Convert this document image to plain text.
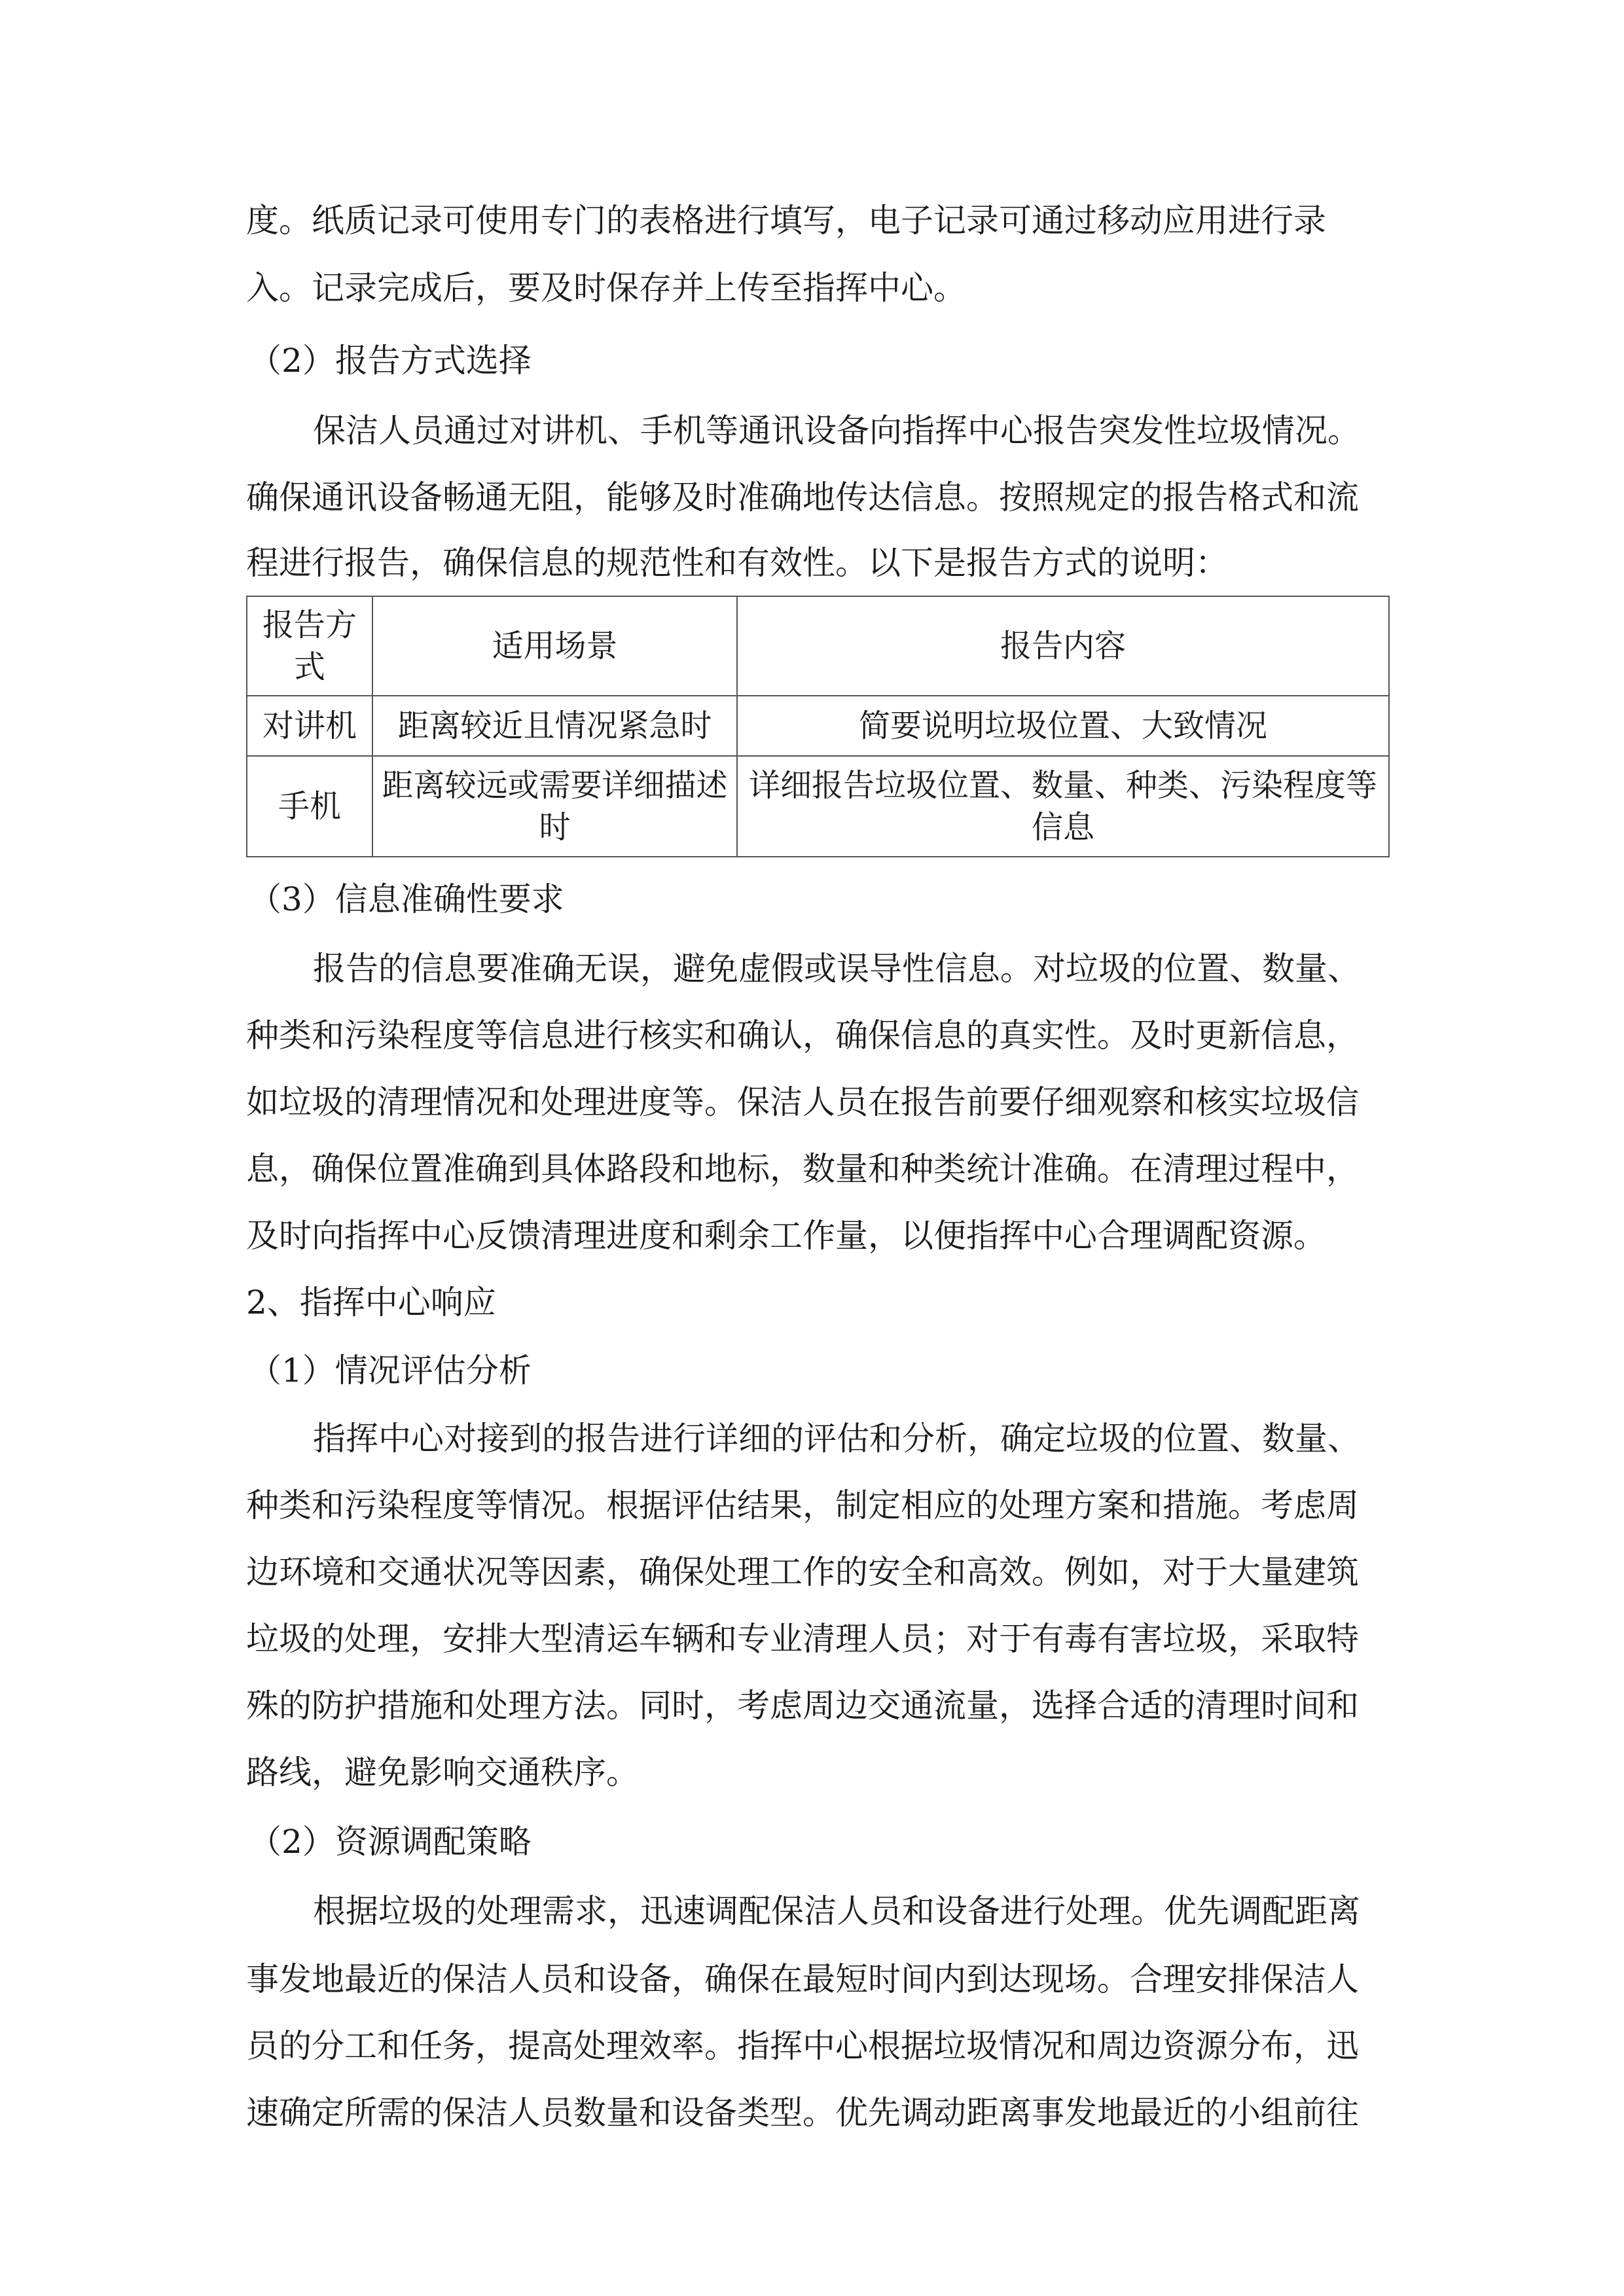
度。纸质记录可使用专门的表格进行填写，电子记录可通过移动应用进行录

入。记录完成后，要及时保存并上传至指挥中心。

（2）报告方式选择

保洁人员通过对讲机、手机等通讯设备向指挥中心报告突发性垃圾情况。

确保通讯设备畅通无阻，能够及时准确地传达信息。按照规定的报告格式和流

程进行报告，确保信息的规范性和有效性。以下是报告方式的说明：

报告方式	适用场景	报告内容
对讲机	距离较近且情况紧急时	简要说明垃圾位置、大致情况
手机	距离较远或需要详细描述时	详细报告垃圾位置、数量、种类、污染程度等信息

（3）信息准确性要求

报告的信息要准确无误，避免虚假或误导性信息。对垃圾的位置、数量、

种类和污染程度等信息进行核实和确认，确保信息的真实性。及时更新信息，

如垃圾的清理情况和处理进度等。保洁人员在报告前要仔细观察和核实垃圾信

息，确保位置准确到具体路段和地标，数量和种类统计准确。在清理过程中，

及时向指挥中心反馈清理进度和剩余工作量，以便指挥中心合理调配资源。

2、指挥中心响应

（1）情况评估分析

指挥中心对接到的报告进行详细的评估和分析，确定垃圾的位置、数量、

种类和污染程度等情况。根据评估结果，制定相应的处理方案和措施。考虑周

边环境和交通状况等因素，确保处理工作的安全和高效。例如，对于大量建筑

垃圾的处理，安排大型清运车辆和专业清理人员；对于有毒有害垃圾，采取特

殊的防护措施和处理方法。同时，考虑周边交通流量，选择合适的清理时间和

路线，避免影响交通秩序。

（2）资源调配策略

根据垃圾的处理需求，迅速调配保洁人员和设备进行处理。优先调配距离

事发地最近的保洁人员和设备，确保在最短时间内到达现场。合理安排保洁人

员的分工和任务，提高处理效率。指挥中心根据垃圾情况和周边资源分布，迅

速确定所需的保洁人员数量和设备类型。优先调动距离事发地最近的小组前往
